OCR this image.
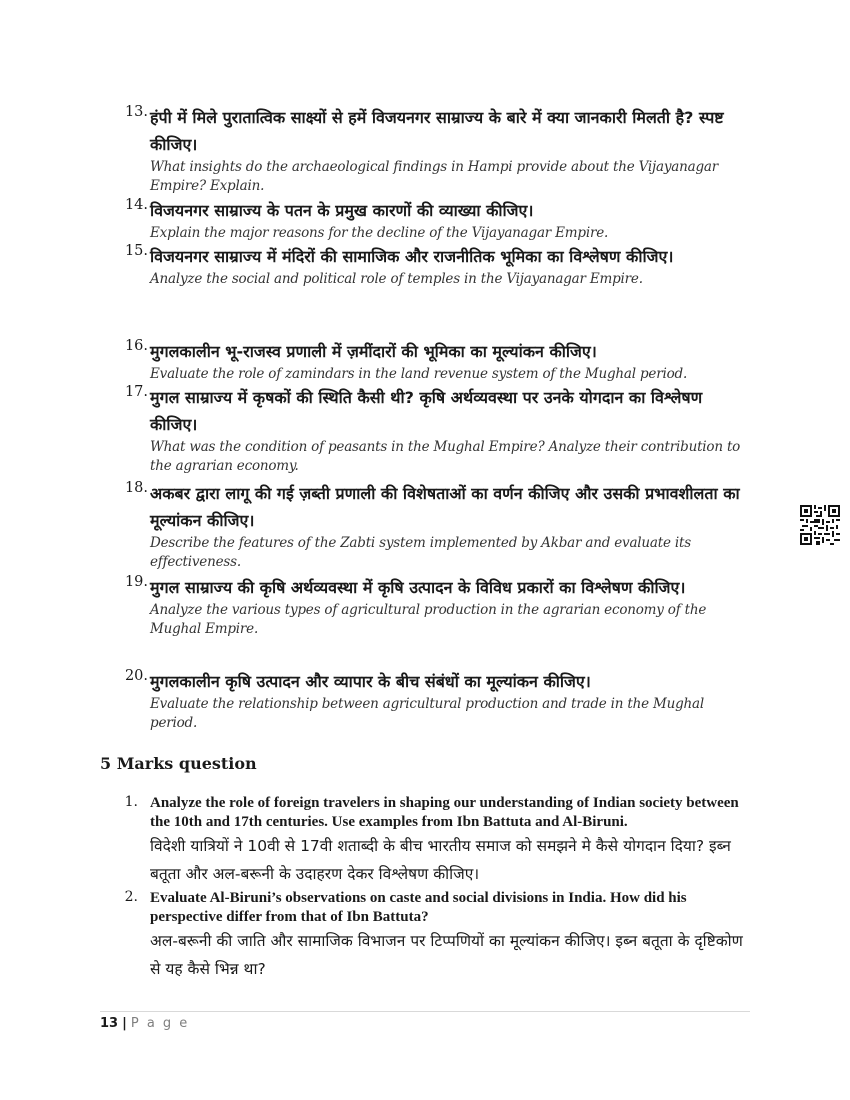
13. हंपी में मिले पुरातात्विक साक्ष्यों से हमें विजयनगर साम्राज्य के बारे में क्या जानकारी मिलती है? स्पष्ट कीजिए।
What insights do the archaeological findings in Hampi provide about the Vijayanagar Empire? Explain.
14. विजयनगर साम्राज्य के पतन के प्रमुख कारणों की व्याख्या कीजिए।
Explain the major reasons for the decline of the Vijayanagar Empire.
15. विजयनगर साम्राज्य में मंदिरों की सामाजिक और राजनीतिक भूमिका का विश्लेषण कीजिए।
Analyze the social and political role of temples in the Vijayanagar Empire.
16. मुगलकालीन भू-राजस्व प्रणाली में ज़मींदारों की भूमिका का मूल्यांकन कीजिए।
Evaluate the role of zamindars in the land revenue system of the Mughal period.
17. मुगल साम्राज्य में कृषकों की स्थिति कैसी थी? कृषि अर्थव्यवस्था पर उनके योगदान का विश्लेषण कीजिए।
What was the condition of peasants in the Mughal Empire? Analyze their contribution to the agrarian economy.
18. अकबर द्वारा लागू की गई ज़ब्ती प्रणाली की विशेषताओं का वर्णन कीजिए और उसकी प्रभावशीलता का मूल्यांकन कीजिए।
Describe the features of the Zabti system implemented by Akbar and evaluate its effectiveness.
19. मुगल साम्राज्य की कृषि अर्थव्यवस्था में कृषि उत्पादन के विविध प्रकारों का विश्लेषण कीजिए।
Analyze the various types of agricultural production in the agrarian economy of the Mughal Empire.
20. मुगलकालीन कृषि उत्पादन और व्यापार के बीच संबंधों का मूल्यांकन कीजिए।
Evaluate the relationship between agricultural production and trade in the Mughal period.
5 Marks question
1. Analyze the role of foreign travelers in shaping our understanding of Indian society between the 10th and 17th centuries. Use examples from Ibn Battuta and Al-Biruni.
विदेशी यात्रियों ने 10वी से 17वी शताब्दी के बीच भारतीय समाज को समझने मे कैसे योगदान दिया? इब्न बतूता और अल-बरूनी के उदाहरण देकर विश्लेषण कीजिए।
2. Evaluate Al-Biruni’s observations on caste and social divisions in India. How did his perspective differ from that of Ibn Battuta?
अल-बरूनी की जाति और सामाजिक विभाजन पर टिप्पणियों का मूल्यांकन कीजिए। इब्न बतूता के दृष्टिकोण से यह कैसे भिन्न था?
13 | P a g e
